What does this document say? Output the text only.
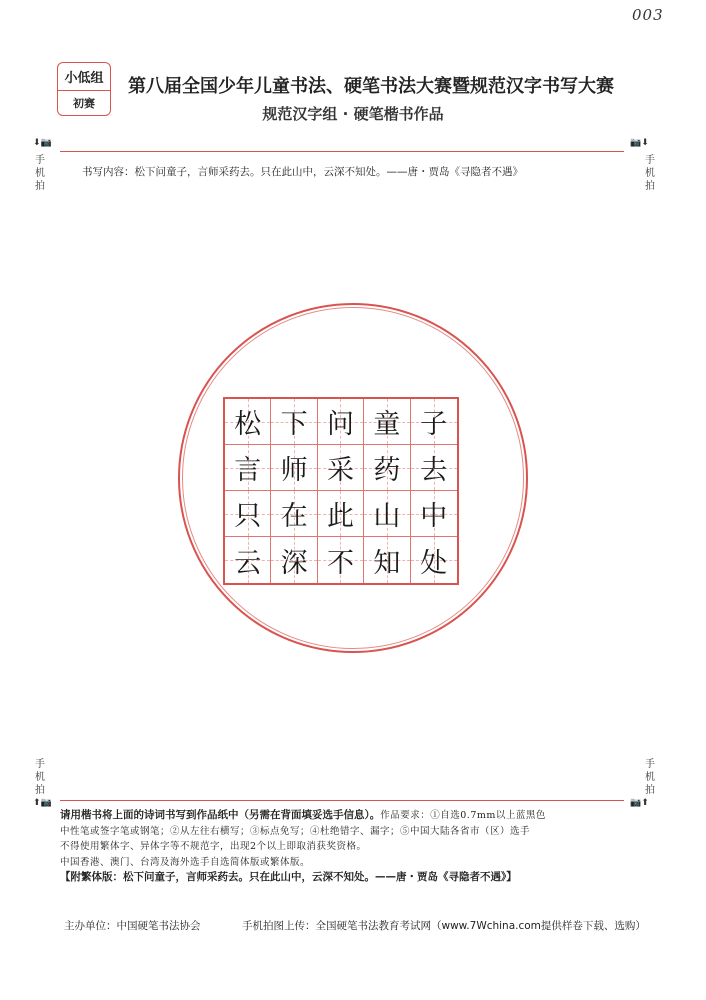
003
小低组
初赛
第八届全国少年儿童书法、硬笔书法大赛暨规范汉字书写大赛
规范汉字组 · 硬笔楷书作品
⬇📷
手机拍
📷⬇
手机拍
书写内容：松下问童子，言师采药去。只在此山中，云深不知处。——唐・贾岛《寻隐者不遇》
松 下 问 童 子
言 师 采 药 去
只 在 此 山 中
云 深 不 知 处
手机拍
⬆📷
手机拍
📷⬆
请用楷书将上面的诗词书写到作品纸中（另需在背面填妥选手信息）。作品要求：①自选0.7mm以上蓝黑色
中性笔或签字笔或钢笔；②从左往右横写；③标点免写；④杜绝错字、漏字；⑤中国大陆各省市（区）选手
不得使用繁体字、异体字等不规范字，出现2个以上即取消获奖资格。
中国香港、澳门、台湾及海外选手自选简体版或繁体版。
【附繁体版：松下问童子，言师采药去。只在此山中，云深不知处。——唐・贾岛《寻隐者不遇》】
主办单位：中国硬笔书法协会	手机拍图上传：全国硬笔书法教育考试网（www.7Wchina.com提供样卷下载、选购）
